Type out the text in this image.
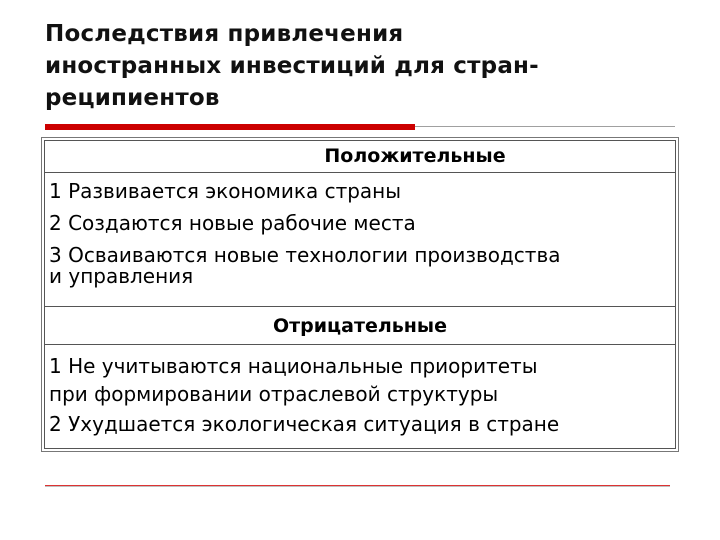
Последствия привлечения
иностранных инвестиций для стран-
реципиентов
Положительные
1 Развивается экономика страны
2 Создаются новые рабочие места
3 Осваиваются новые технологии производства
и управления
Отрицательные
1 Не учитываются национальные приоритеты
при формировании отраслевой структуры
2 Ухудшается экологическая ситуация в стране
